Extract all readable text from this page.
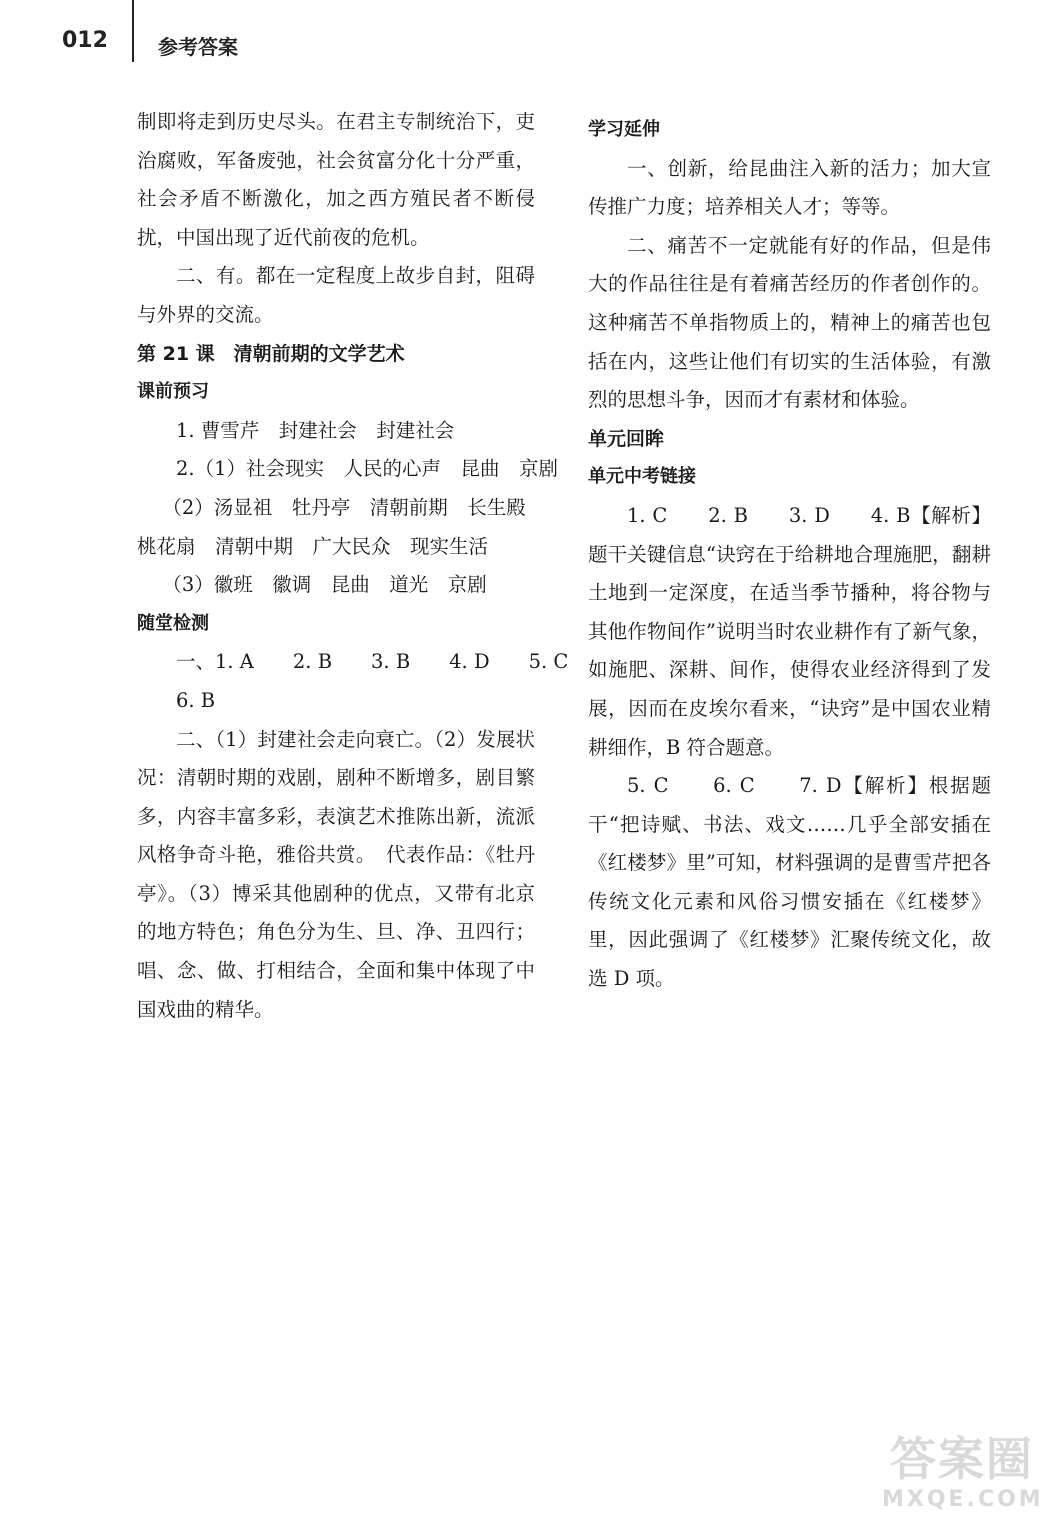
012	参考答案

制即将走到历史尽头。在君主专制统治下，吏治腐败，军备废弛，社会贫富分化十分严重，社会矛盾不断激化，加之西方殖民者不断侵扰，中国出现了近代前夜的危机。

二、有。都在一定程度上故步自封，阻碍与外界的交流。

第 21 课　清朝前期的文学艺术

课前预习

1. 曹雪芹　封建社会　封建社会

2.（1）社会现实　人民的心声　昆曲　京剧

（2）汤显祖　牡丹亭　清朝前期　长生殿

桃花扇　清朝中期　广大民众　现实生活

（3）徽班　徽调　昆曲　道光　京剧

随堂检测

一、1. A　　2. B　　3. B　　4. D　　5. C

6. B

二、（1）封建社会走向衰亡。（2）发展状况：清朝时期的戏剧，剧种不断增多，剧目繁多，内容丰富多彩，表演艺术推陈出新，流派风格争奇斗艳，雅俗共赏。　代表作品：《牡丹亭》。（3）博采其他剧种的优点，又带有北京的地方特色；角色分为生、旦、净、丑四行；唱、念、做、打相结合，全面和集中体现了中国戏曲的精华。

学习延伸

一、创新，给昆曲注入新的活力；加大宣传推广力度；培养相关人才；等等。

二、痛苦不一定就能有好的作品，但是伟大的作品往往是有着痛苦经历的作者创作的。这种痛苦不单指物质上的，精神上的痛苦也包括在内，这些让他们有切实的生活体验，有激烈的思想斗争，因而才有素材和体验。

单元回眸

单元中考链接

1. C　　2. B　　3. D　　4. B【解析】题干关键信息“诀窍在于给耕地合理施肥，翻耕土地到一定深度，在适当季节播种，将谷物与其他作物间作”说明当时农业耕作有了新气象，如施肥、深耕、间作，使得农业经济得到了发展，因而在皮埃尔看来，“诀窍”是中国农业精耕细作，B 符合题意。

5. C　　6. C　　7. D【解析】根据题干“把诗赋、书法、戏文……几乎全部安插在《红楼梦》里”可知，材料强调的是曹雪芹把各传统文化元素和风俗习惯安插在《红楼梦》里，因此强调了《红楼梦》汇聚传统文化，故选 D 项。

答案圈
MXQE.COM
